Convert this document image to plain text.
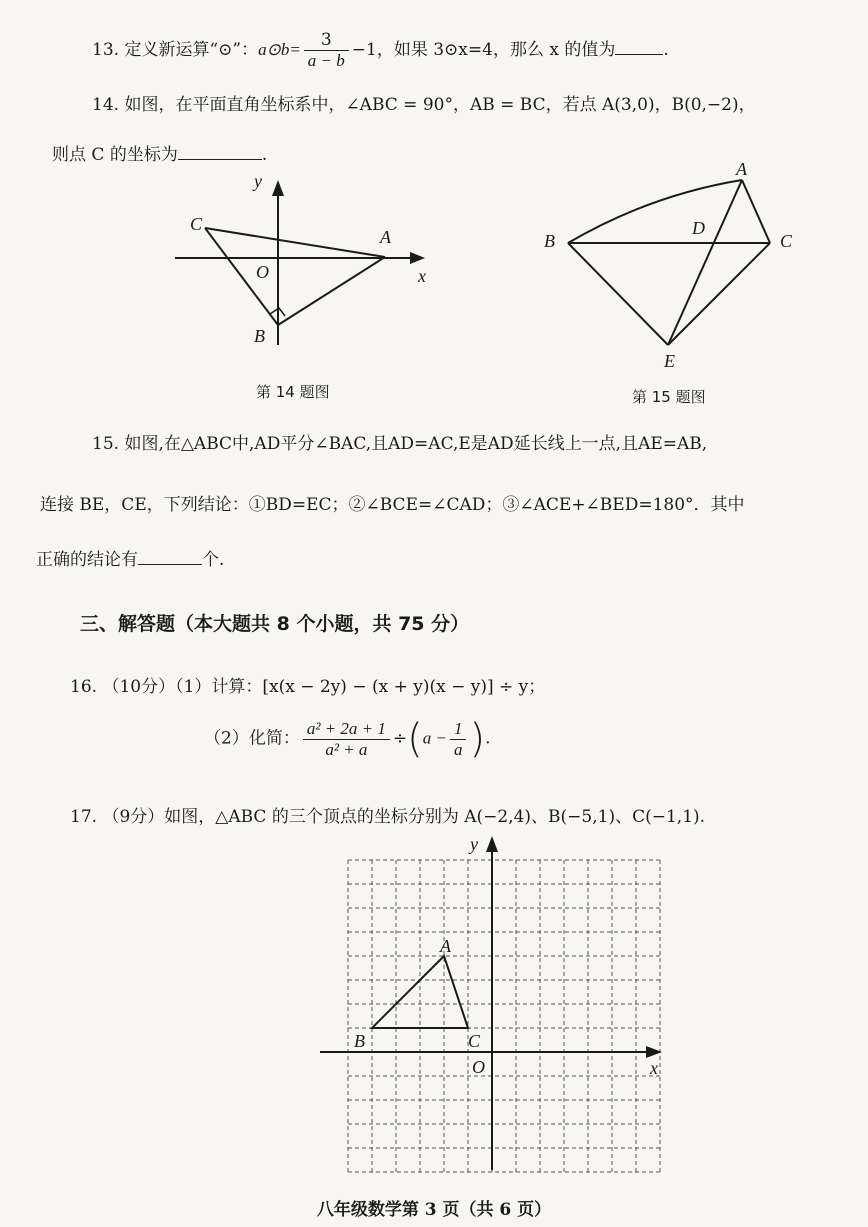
13. 定义新运算“⊙”：a⊙b= $\frac{3}{a - b} -1$，如果 3⊙x=4，那么 x 的值为	.
14. 如图，在平面直角坐标系中，∠ABC = 90°，AB = BC，若点 A(3,0)，B(0,−2)，
则点 C 的坐标为	.
y
x
C
A
O
B
第 14 题图
A
B	C
D
E
第 15 题图
15. 如图,在△ABC中,AD平分∠BAC,且AD=AC,E是AD延长线上一点,且AE=AB,
连接 BE，CE，下列结论：①BD=EC；②∠BCE=∠CAD；③∠ACE+∠BED=180°．其中
正确的结论有	个.
三、解答题（本大题共 8 个小题，共 75 分）
16. （10分）（1）计算：[x(x − 2y) − (x + y)(x − y)] ÷ y；
（2）化简： $\frac{\text{a² + 2a + 1}}{\text{a² + a}} \div(a - \frac{1}{a}$ ).
17. （9分）如图，△ABC 的三个顶点的坐标分别为 A(−2,4)、B(−5,1)、C(−1,1).
y
x
A
B	C
O
八年级数学第 3 页（共 6 页）
